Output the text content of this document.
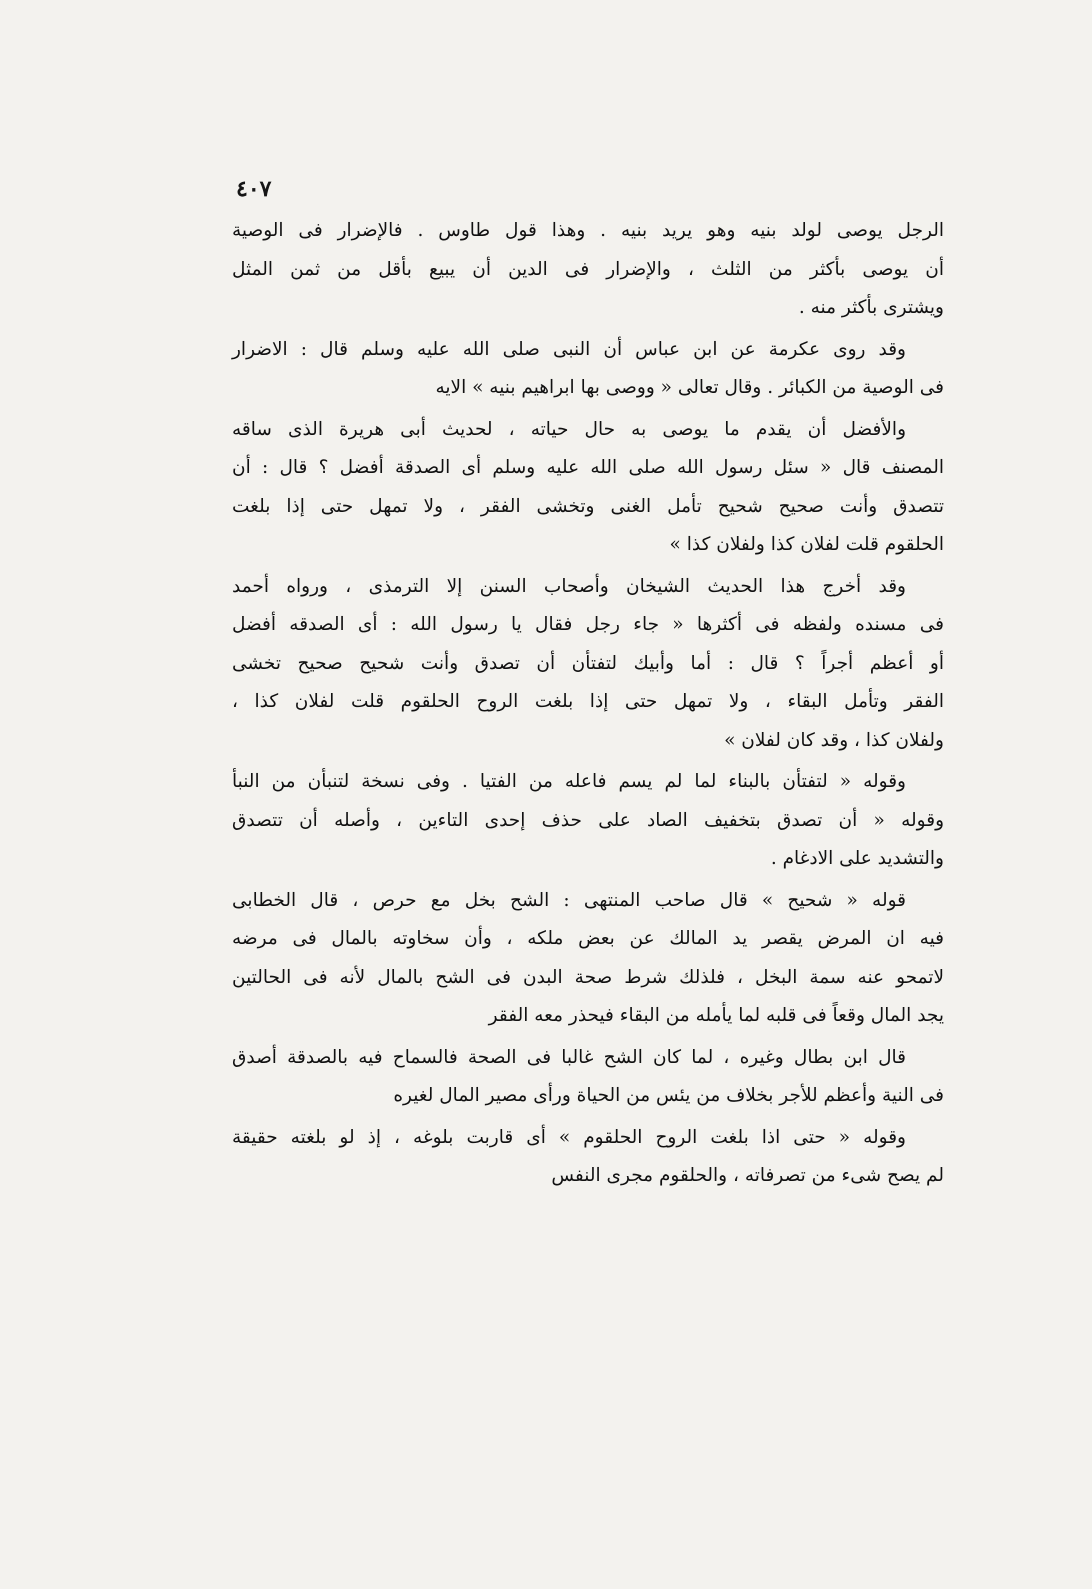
٤٠٧
الرجل يوصى لولد بنيه وهو يريد بنيه . وهذا قول طاوس . فالإضرار فى الوصية
أن يوصى بأكثر من الثلث ، والإضرار فى الدين أن يبيع بأقل من ثمن المثل
ويشترى بأكثر منه .
وقد روى عكرمة عن ابن عباس أن النبى صلى الله عليه وسلم قال : الاضرار
فى الوصية من الكبائر . وقال تعالى « ووصى بها ابراهيم بنيه » الايه
والأفضل أن يقدم ما يوصى به حال حياته ، لحديث أبى هريرة الذى ساقه
المصنف قال « سئل رسول الله صلى الله عليه وسلم أى الصدقة أفضل ؟ قال : أن
تتصدق وأنت صحيح شحيح تأمل الغنى وتخشى الفقر ، ولا تمهل حتى إذا بلغت
الحلقوم قلت لفلان كذا ولفلان كذا »
وقد أخرج هذا الحديث الشيخان وأصحاب السنن إلا الترمذى ، ورواه أحمد
فى مسنده ولفظه فى أكثرها « جاء رجل فقال يا رسول الله : أى الصدقه أفضل
أو أعظم أجراً ؟ قال : أما وأبيك لتفتأن أن تصدق وأنت شحيح صحيح تخشى
الفقر وتأمل البقاء ، ولا تمهل حتى إذا بلغت الروح الحلقوم قلت لفلان كذا ،
ولفلان كذا ، وقد كان لفلان »
وقوله « لتفتأن بالبناء لما لم يسم فاعله من الفتيا . وفى نسخة لتنبأن من النبأ
وقوله « أن تصدق بتخفيف الصاد على حذف إحدى التاءين ، وأصله أن تتصدق
والتشديد على الادغام .
قوله « شحيح » قال صاحب المنتهى : الشح بخل مع حرص ، قال الخطابى
فيه ان المرض يقصر يد المالك عن بعض ملكه ، وأن سخاوته بالمال فى مرضه
لاتمحو عنه سمة البخل ، فلذلك شرط صحة البدن فى الشح بالمال لأنه فى الحالتين
يجد المال وقعاً فى قلبه لما يأمله من البقاء فيحذر معه الفقر
قال ابن بطال وغيره ، لما كان الشح غالبا فى الصحة فالسماح فيه بالصدقة أصدق
فى النية وأعظم للأجر بخلاف من يئس من الحياة ورأى مصير المال لغيره
وقوله « حتى اذا بلغت الروح الحلقوم » أى قاربت بلوغه ، إذ لو بلغته حقيقة
لم يصح شىء من تصرفاته ، والحلقوم مجرى النفس
